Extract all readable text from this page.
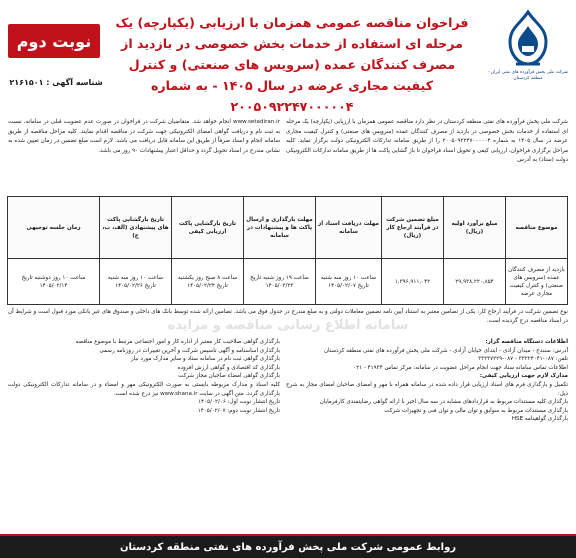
شرکت ملی پخش فرآورده های نفتی ایران - منطقه کردستان
فراخوان مناقصه عمومی همزمان با ارزیابی (یکپارچه) یک مرحله ای استفاده از خدمات بخش خصوصی در بازدید از مصرف کنندگان عمده (سرویس های صنعتی) و کنترل کیفیت مجاری عرضه در سال ۱۴۰۵ - به شماره ۲۰۰۵۰۹۲۲۴۷۰۰۰۰۰۴
نوبت دوم
شناسه آگهی : ۲۱۶۱۵۰۱
شرکت ملی پخش فرآورده های نفتی منطقه کردستان در نظر دارد مناقصه عمومی همزمان با ارزیابی (یکپارچه) یک مرحله ای استفاده از خدمات بخش خصوصی در بازدید از مصرف کنندگان عمده (سرویس های صنعتی) و کنترل کیفیت مجاری عرضه در سال ۱۴۰۵ به شماره ۲۰۰۵۰۹۲۲۴۷۰۰۰۰۰۴ را از طریق سامانه تدارکات الکترونیکی دولت برگزار نماید. کلیه مراحل برگزاری فراخوان، ارزیابی کیفی و تحویل اسناد فراخوان تا باز گشایی پاکت ها از طریق سامانه تدارکات الکترونیکی دولت (ستاد) به آدرس
www.setadiran.ir انجام خواهد شد. متقاضیان شرکت در فراخوان در صورت عدم عضویت قبلی در سامانه، نسبت به ثبت نام و دریافت گواهی امضای الکترونیکی جهت شرکت در مناقصه اقدام نمایند. کلیه مراحل مناقصه از طریق سامانه انجام و اسناد صرفاً از طریق این سامانه قابل دریافت می باشد. لازم است مبلغ تضمین در زمان تعیین شده به نشانی مندرج در اسناد تحویل گردد و حداقل اعتبار پیشنهادات ۹۰ روز می باشد.
موضوع مناقصه	مبلغ برآورد اولیه (ریال)	مبلغ تضمین شرکت در فرآیند ارجاع کار (ریال)	مهلت دریافت اسناد از سامانه	مهلت بارگذاری و ارسال پاکت ها و پیشنهادات در سامانه	تاریخ بارگشایی پاکت ارزیابی کیفی	تاریخ بارگشایی پاکت های پیشنهادی (الف، ب، ج)	زمان جلسه توجیهی
بازدید از مصرف کنندگان عمده (سرویس های صنعتی) و کنترل کیفیت مجاری عرضه	۲۹,۹۳۸,۲۲۰,۸۵۴	۱,۳۹۶,۹۱۱,۰۴۲	ساعت ۱۰ روز سه شنبه تاریخ ۱۴۰۵/۰۲/۰۷	ساعت ۱۹ روز شنبه تاریخ ۱۴۰۵/۰۲/۲۳	ساعت ۸ صبح روز یکشنبه تاریخ ۱۴۰۵/۰۲/۲۴	ساعت ۱۰ روز سه شنبه تاریخ ۱۴۰۵/۰۲/۲۶	ساعت ۱۰ روز دوشنبه تاریخ ۱۴۰۵/۰۲/۱۴
نوع تضمین شرکت در فرآیند ارجاع کار: یکی از تضامین معتبر به استناد آیین نامه تضمین معاملات دولتی و به مبلغ مندرج در جدول فوق می باشد. تضامین ارائه شده توسط بانک های داخلی و صندوق های غیر بانکی مورد قبول است و شرایط آن در اسناد مناقصه درج گردیده است.
سامانه اطلاع رسانی مناقصه و مزایده
اطلاعات دستگاه مناقصه گزار:
آدرس: سنندج - میدان آزادی - ابتدای خیابان آزادی - شرکت ملی پخش فرآورده های نفتی منطقه کردستان
تلفن: ۰۸۷-۳۳۲۲۴۰۴۱ - ۰۸۷-۳۳۲۳۷۲۲۹
اطلاعات تماس سامانه ستاد جهت انجام مراحل عضویت در سامانه: مرکز تماس ۴۱۹۳۴ - ۰۲۱
مدارک لازم جهت ارزیابی کیفی:
تکمیل و بارگذاری فرم های اسناد ارزیابی قرار داده شده در سامانه همراه با مهر و امضای صاحبان امضای مجاز به شرح ذیل:
بارگذاری کلیه مستندات مربوط به قراردادهای مشابه در سه سال اخیر با ارائه گواهی رضایتمندی کارفرمایان
بارگذاری مستندات مربوط به سوابق و توان مالی و توان فنی و تجهیزات شرکت
بارگذاری گواهینامه HSE
بارگذاری گواهی صلاحیت کار معتبر از اداره کار و امور اجتماعی مرتبط با موضوع مناقصه
بارگذاری اساسنامه و آگهی تاسیس شرکت و آخرین تغییرات در روزنامه رسمی
بارگذاری گواهی ثبت نام در سامانه ستاد و سایر مدارک مورد نیاز
بارگذاری کد اقتصادی و گواهی ارزش افزوده
بارگذاری گواهی امضاء صاحبان مجاز شرکت
کلیه اسناد و مدارک مربوطه بایستی به صورت الکترونیکی مهر و امضاء و در سامانه تدارکات الکترونیکی دولت بارگذاری گردد. متن آگهی در سایت www.shana.ir نیز درج شده است.
تاریخ انتشار نوبت اول: ۱۴۰۵/۰۲/۰۶
تاریخ انتشار نوبت دوم: ۱۴۰۵/۰۲/۰۷
روابط عمومی شرکت ملی پخش فرآورده های نفتی منطقه کردستان
